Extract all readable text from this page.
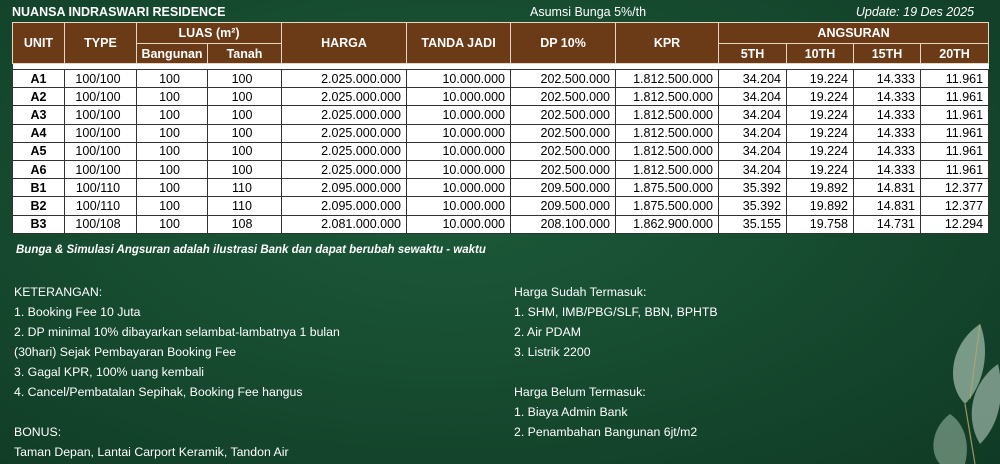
NUANSA INDRASWARI RESIDENCE	Asumsi Bunga 5%/th	Update: 19 Des 2025
UNIT	TYPE	LUAS (m²)		HARGA	TANDA JADI	DP 10%	KPR	ANGSURAN			
		Bangunan	Tanah					5TH	10TH	15TH	20TH

A1	100/100	100	100	2.025.000.000	10.000.000	202.500.000	1.812.500.000	34.204	19.224	14.333	11.961
A2	100/100	100	100	2.025.000.000	10.000.000	202.500.000	1.812.500.000	34.204	19.224	14.333	11.961
A3	100/100	100	100	2.025.000.000	10.000.000	202.500.000	1.812.500.000	34.204	19.224	14.333	11.961
A4	100/100	100	100	2.025.000.000	10.000.000	202.500.000	1.812.500.000	34.204	19.224	14.333	11.961
A5	100/100	100	100	2.025.000.000	10.000.000	202.500.000	1.812.500.000	34.204	19.224	14.333	11.961
A6	100/100	100	100	2.025.000.000	10.000.000	202.500.000	1.812.500.000	34.204	19.224	14.333	11.961
B1	100/110	100	110	2.095.000.000	10.000.000	209.500.000	1.875.500.000	35.392	19.892	14.831	12.377
B2	100/110	100	110	2.095.000.000	10.000.000	209.500.000	1.875.500.000	35.392	19.892	14.831	12.377
B3	100/108	100	108	2.081.000.000	10.000.000	208.100.000	1.862.900.000	35.155	19.758	14.731	12.294
Bunga & Simulasi Angsuran adalah ilustrasi Bank dan dapat berubah sewaktu - waktu
KETERANGAN:
1. Booking Fee 10 Juta
2. DP minimal 10% dibayarkan selambat-lambatnya 1 bulan
(30hari) Sejak Pembayaran Booking Fee
3. Gagal KPR, 100% uang kembali
4. Cancel/Pembatalan Sepihak, Booking Fee hangus
BONUS:
Taman Depan, Lantai Carport Keramik, Tandon Air
Harga Sudah Termasuk:
1. SHM, IMB/PBG/SLF, BBN, BPHTB
2. Air PDAM
3. Listrik 2200
Harga Belum Termasuk:
1. Biaya Admin Bank
2. Penambahan Bangunan 6jt/m2
